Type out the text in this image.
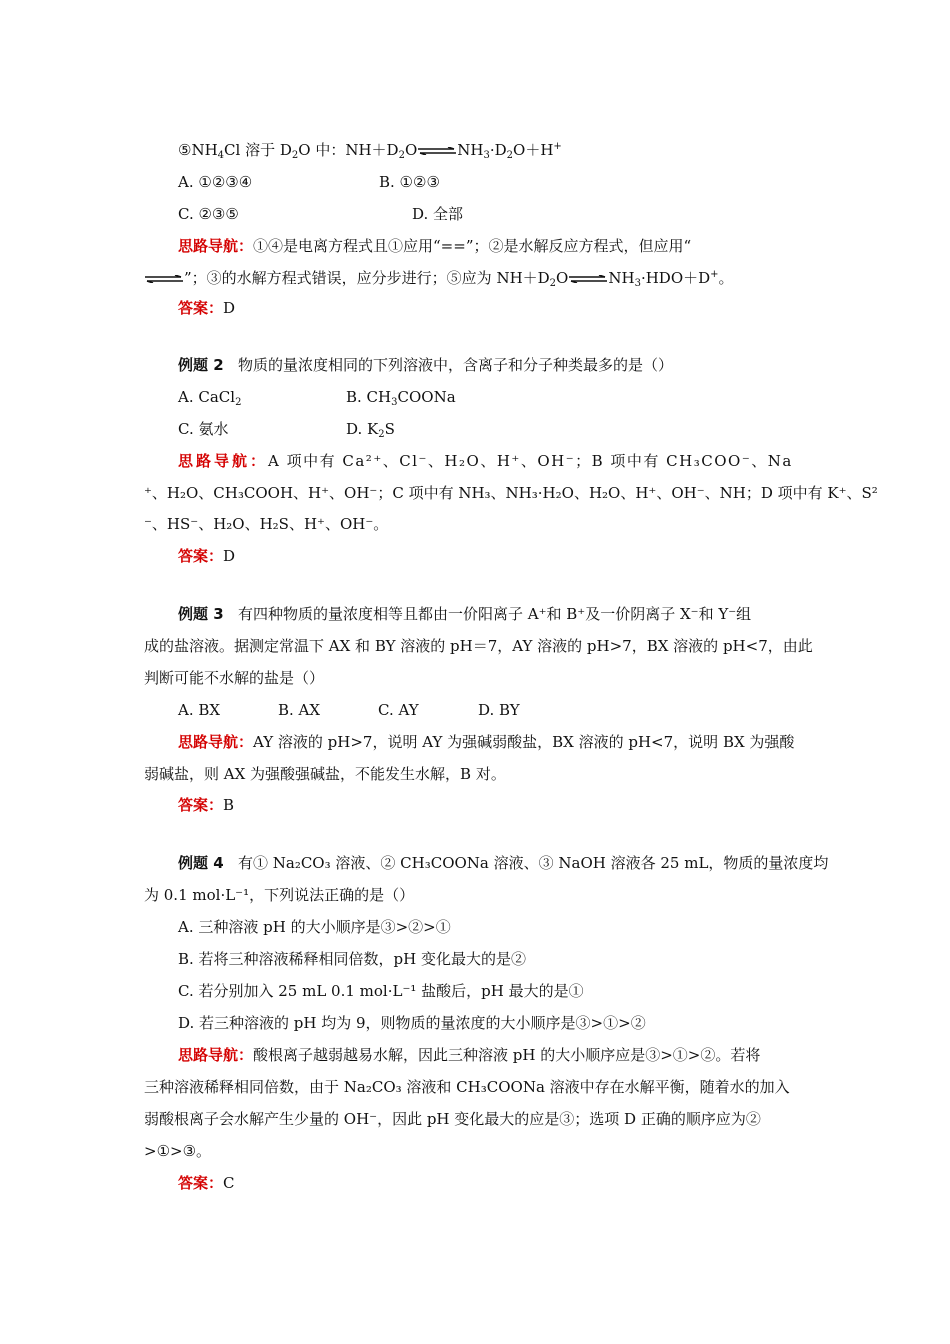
$⑤NH_4Cl$ 溶于 $D_2O$ 中：$NH+D_2O\rightleftharpoons NH_3\cdot D_2O+H^+$
A. ①②③④	B. ①②③
C. ②③⑤	D. 全部
思路导航：①④是电离方程式且①应用“==”；②是水解反应方程式，但应用“
⇌”；③的水解方程式错误，应分步进行；⑤应为 $NH+D_2O\rightleftharpoons NH_3\cdot HDO+D^+$。
答案：D
例题 2 物质的量浓度相同的下列溶液中，含离子和分子种类最多的是（）
A. CaCl$_2$	B. $CH_3COONa$
C. 氨水	D. $K_2S$
思路导航：A 项中有 Ca²⁺、Cl⁻、H₂O、H⁺、OH⁻；B 项中有 CH₃COO⁻、Na
⁺、H₂O、CH₃COOH、H⁺、OH⁻；C 项中有 NH₃、NH₃·H₂O、H₂O、H⁺、OH⁻、NH；D 项中有 K⁺、S²
⁻、HS⁻、H₂O、H₂S、H⁺、OH⁻。
答案：D
例题 3 有四种物质的量浓度相等且都由一价阳离子 A⁺和 B⁺及一价阴离子 X⁻和 Y⁻组
成的盐溶液。据测定常温下 AX 和 BY 溶液的 pH＝7，AY 溶液的 pH>7，BX 溶液的 pH<7，由此
判断可能不水解的盐是（）
A. BX	B. AX	C. AY	D. BY
思路导航：AY 溶液的 pH>7，说明 AY 为强碱弱酸盐，BX 溶液的 pH<7，说明 BX 为强酸
弱碱盐，则 AX 为强酸强碱盐，不能发生水解，B 对。
答案：B
例题 4 有① Na₂CO₃ 溶液、② CH₃COONa 溶液、③ NaOH 溶液各 25 mL，物质的量浓度均
为 0.1 mol·L⁻¹，下列说法正确的是（）
A. 三种溶液 pH 的大小顺序是③>②>①
B. 若将三种溶液稀释相同倍数，pH 变化最大的是②
C. 若分别加入 25 mL 0.1 mol·L⁻¹ 盐酸后，pH 最大的是①
D. 若三种溶液的 pH 均为 9，则物质的量浓度的大小顺序是③>①>②
思路导航：酸根离子越弱越易水解，因此三种溶液 pH 的大小顺序应是③>①>②。若将
三种溶液稀释相同倍数，由于 Na₂CO₃ 溶液和 CH₃COONa 溶液中存在水解平衡，随着水的加入
弱酸根离子会水解产生少量的 OH⁻，因此 pH 变化最大的应是③；选项 D 正确的顺序应为②
>①>③。
答案：C
